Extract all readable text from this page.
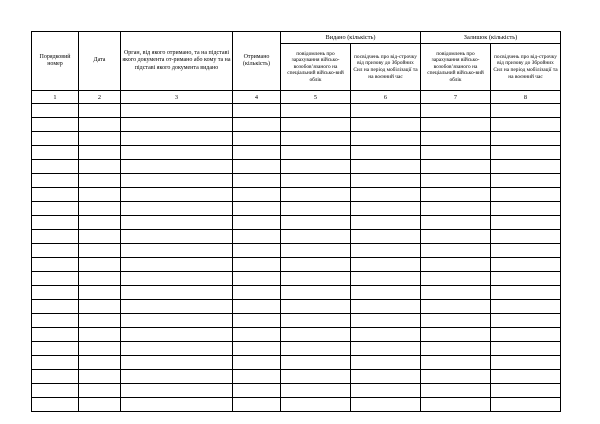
Порядковий номер	Дата	Орган, від якого отримано, та на підставі якого документа от-римано або кому та на підставі якого документа видано	Отримано (кількість)	Видано (кількість)		Залишок (кількість)	
				повідомлень про зарахування військо-возобов’язаного на спеціальний військо-вий облік	посвідчень про від-строчку від призову до Збройних Сил на період мобілізації та на воєнний час	повідомлень про зарахування військо-возобов’язаного на спеціальний військо-вий облік	посвідчень про від-строчку від призову до Збройних Сил на період мобілізації та на воєнний час
1	2	3	4	5	6	7	8
